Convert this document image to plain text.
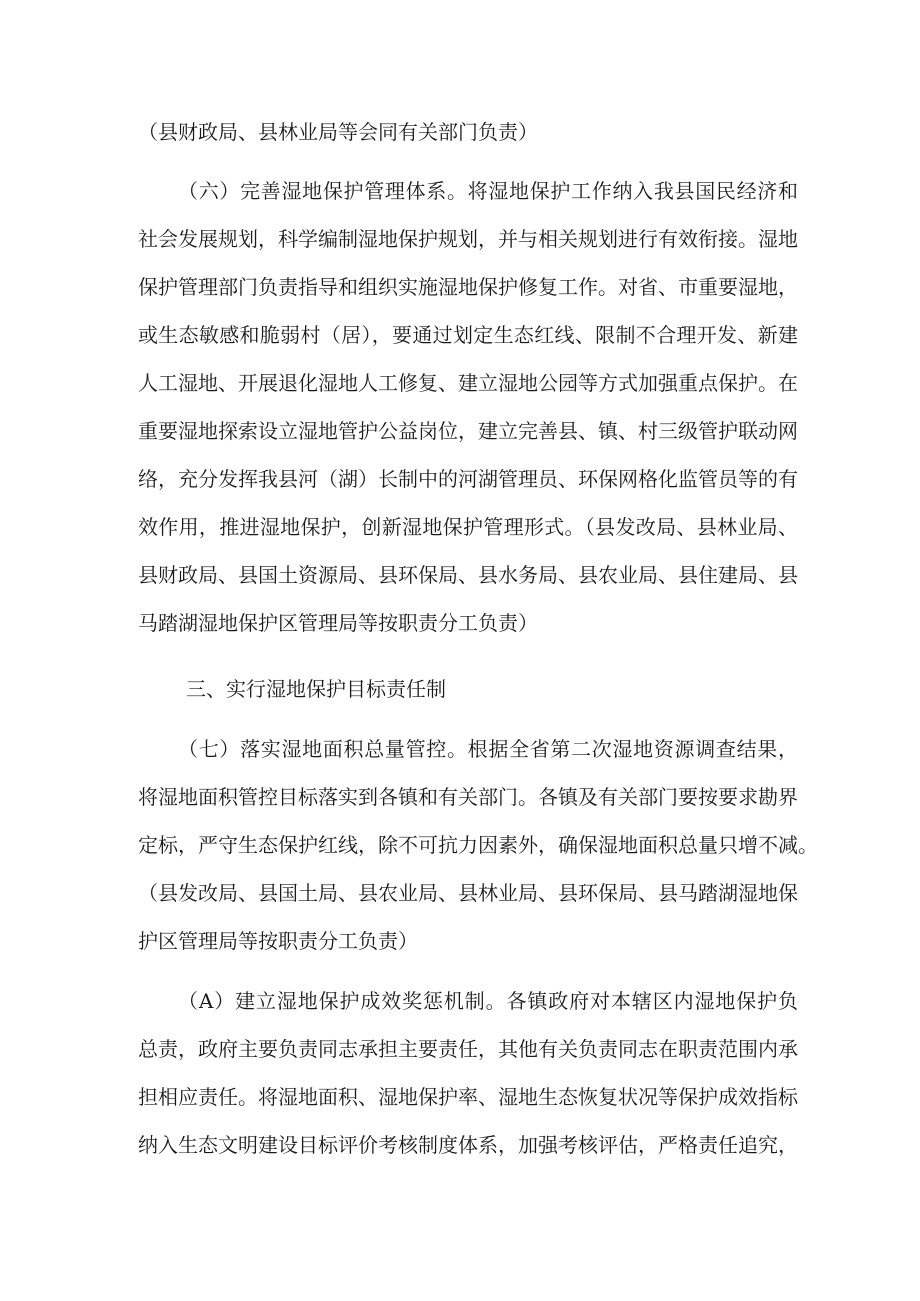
（县财政局、县林业局等会同有关部门负责）
（六）完善湿地保护管理体系。将湿地保护工作纳入我县国民经济和
社会发展规划，科学编制湿地保护规划，并与相关规划进行有效衔接。湿地
保护管理部门负责指导和组织实施湿地保护修复工作。对省、市重要湿地，
或生态敏感和脆弱村（居），要通过划定生态红线、限制不合理开发、新建
人工湿地、开展退化湿地人工修复、建立湿地公园等方式加强重点保护。在
重要湿地探索设立湿地管护公益岗位，建立完善县、镇、村三级管护联动网
络，充分发挥我县河（湖）长制中的河湖管理员、环保网格化监管员等的有
效作用，推进湿地保护，创新湿地保护管理形式。（县发改局、县林业局、
县财政局、县国土资源局、县环保局、县水务局、县农业局、县住建局、县
马踏湖湿地保护区管理局等按职责分工负责）
三、实行湿地保护目标责任制
（七）落实湿地面积总量管控。根据全省第二次湿地资源调查结果，
将湿地面积管控目标落实到各镇和有关部门。各镇及有关部门要按要求勘界
定标，严守生态保护红线，除不可抗力因素外，确保湿地面积总量只增不减。
（县发改局、县国土局、县农业局、县林业局、县环保局、县马踏湖湿地保
护区管理局等按职责分工负责）
（A）建立湿地保护成效奖惩机制。各镇政府对本辖区内湿地保护负
总责，政府主要负责同志承担主要责任，其他有关负责同志在职责范围内承
担相应责任。将湿地面积、湿地保护率、湿地生态恢复状况等保护成效指标
纳入生态文明建设目标评价考核制度体系，加强考核评估，严格责任追究，
